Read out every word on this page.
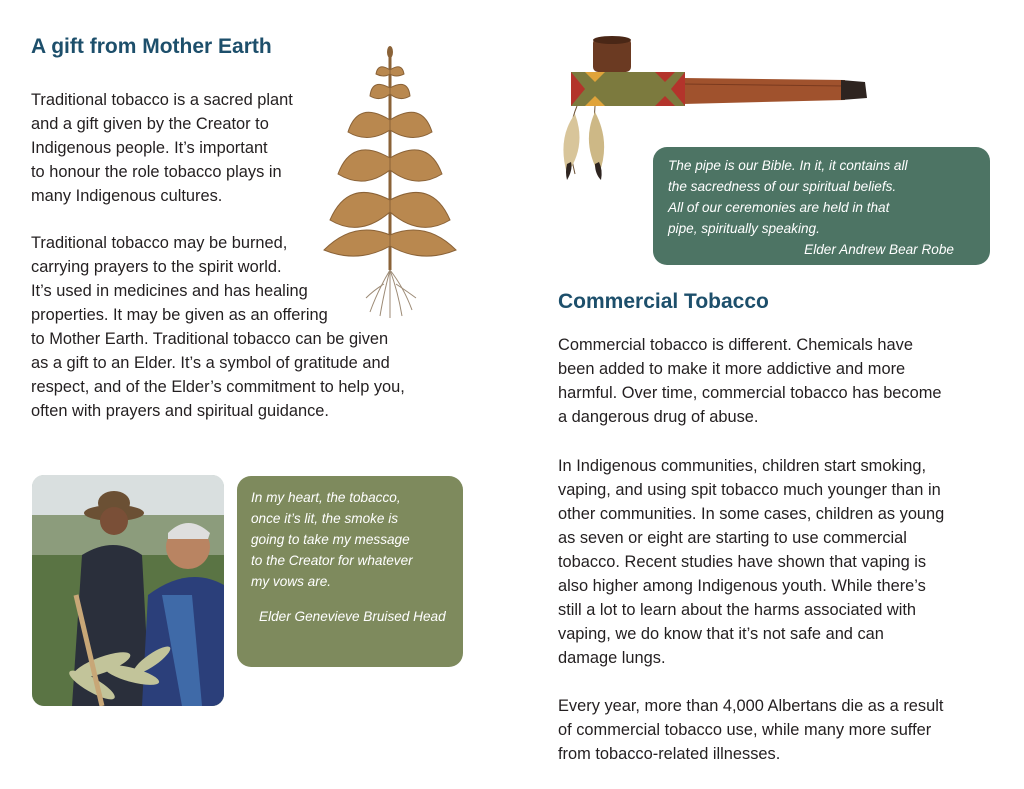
A gift from Mother Earth

Traditional tobacco is a sacred plant
and a gift given by the Creator to
Indigenous people. It’s important
to honour the role tobacco plays in
many Indigenous cultures.

Traditional tobacco may be burned,
carrying prayers to the spirit world.
It’s used in medicines and has healing
properties. It may be given as an offering
to Mother Earth. Traditional tobacco can be given
as a gift to an Elder. It’s a symbol of gratitude and
respect, and of the Elder’s commitment to help you,
often with prayers and spiritual guidance.

In my heart, the tobacco,
once it’s lit, the smoke is
going to take my message
to the Creator for whatever
my vows are.
Elder Genevieve Bruised Head
The pipe is our Bible. In it, it contains all
the sacredness of our spiritual beliefs.
All of our ceremonies are held in that
pipe, spiritually speaking.
Elder Andrew Bear Robe
Commercial Tobacco

Commercial tobacco is different. Chemicals have
been added to make it more addictive and more
harmful. Over time, commercial tobacco has become
a dangerous drug of abuse.

In Indigenous communities, children start smoking,
vaping, and using spit tobacco much younger than in
other communities. In some cases, children as young
as seven or eight are starting to use commercial
tobacco. Recent studies have shown that vaping is
also higher among Indigenous youth. While there’s
still a lot to learn about the harms associated with
vaping, we do know that it’s not safe and can
damage lungs.

Every year, more than 4,000 Albertans die as a result
of commercial tobacco use, while many more suffer
from tobacco-related illnesses.
